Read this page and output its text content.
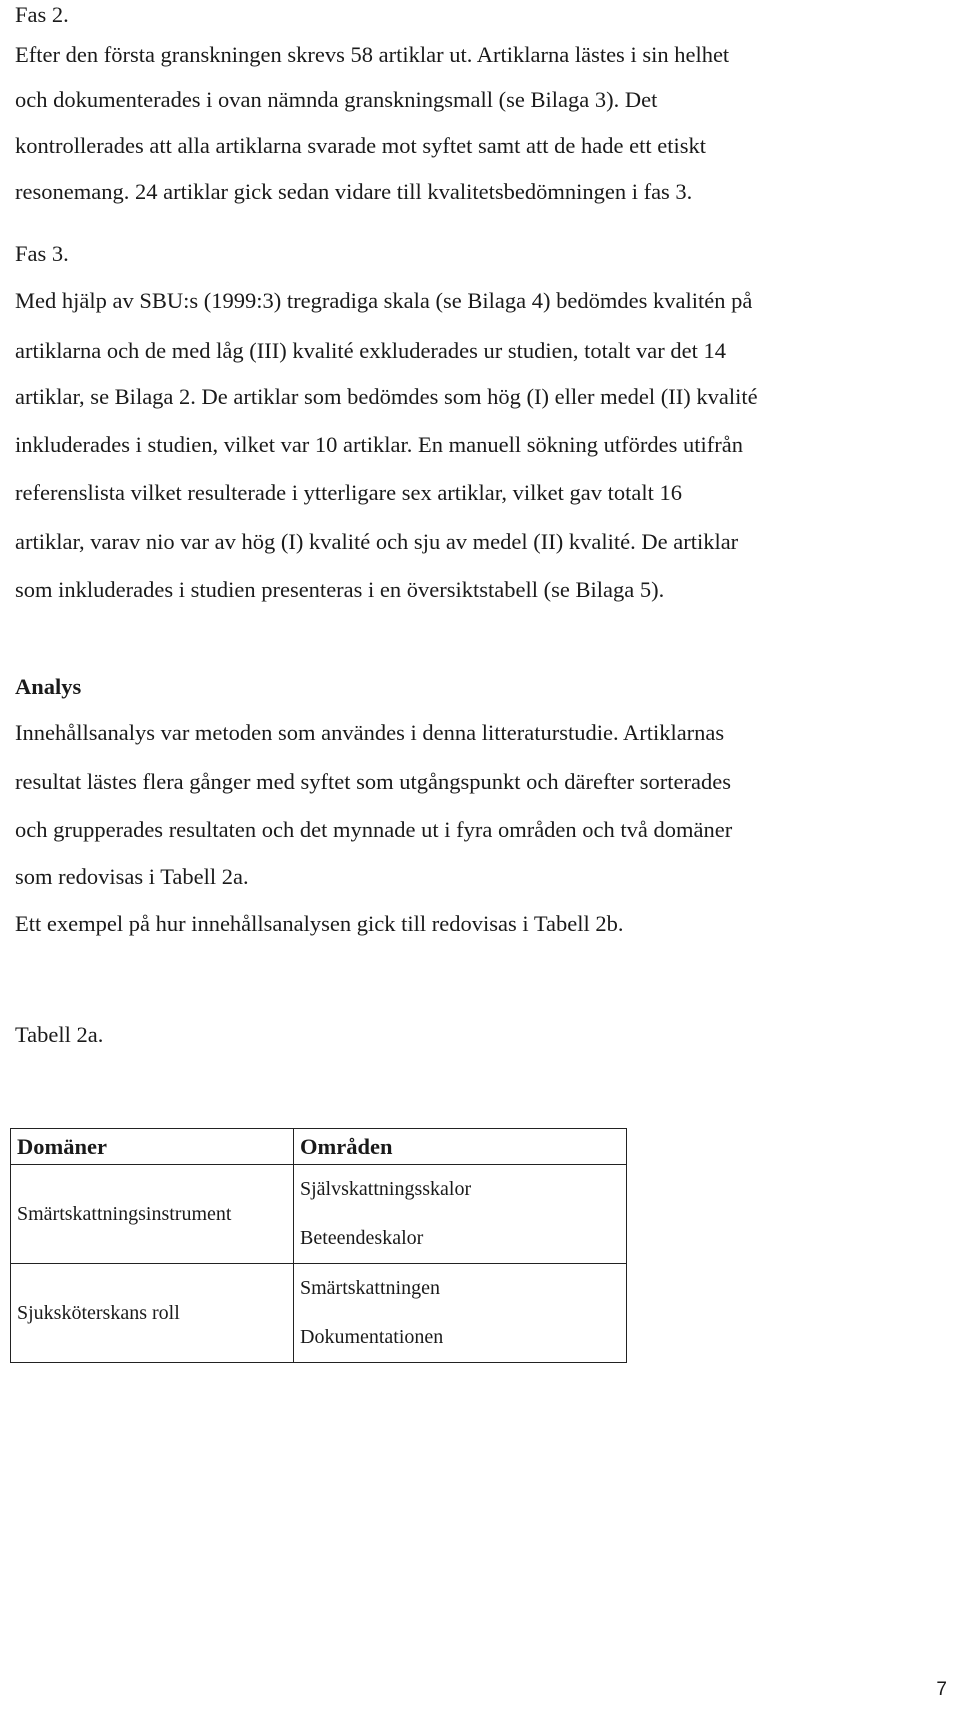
Fas 2.
Efter den första granskningen skrevs 58 artiklar ut. Artiklarna lästes i sin helhet
och dokumenterades i ovan nämnda granskningsmall (se Bilaga 3). Det
kontrollerades att alla artiklarna svarade mot syftet samt att de hade ett etiskt
resonemang. 24 artiklar gick sedan vidare till kvalitetsbedömningen i fas 3.
Fas 3.
Med hjälp av SBU:s (1999:3) tregradiga skala (se Bilaga 4) bedömdes kvalitén på
artiklarna och de med låg (III) kvalité exkluderades ur studien, totalt var det 14
artiklar, se Bilaga 2. De artiklar som bedömdes som hög (I) eller medel (II) kvalité
inkluderades i studien, vilket var 10 artiklar. En manuell sökning utfördes utifrån
referenslista vilket resulterade i ytterligare sex artiklar, vilket gav totalt 16
artiklar, varav nio var av hög (I) kvalité och sju av medel (II) kvalité. De artiklar
som inkluderades i studien presenteras i en översiktstabell (se Bilaga 5).
Analys
Innehållsanalys var metoden som användes i denna litteraturstudie. Artiklarnas
resultat lästes flera gånger med syftet som utgångspunkt och därefter sorterades
och grupperades resultaten och det mynnade ut i fyra områden och två domäner
som redovisas i Tabell 2a.
Ett exempel på hur innehållsanalysen gick till redovisas i Tabell 2b.
Tabell 2a.
Domäner	Områden
Smärtskattningsinstrument	Självskattningsskalor
Beteendeskalor

Sjuksköterskans roll	Smärtskattningen
Dokumentationen
7
